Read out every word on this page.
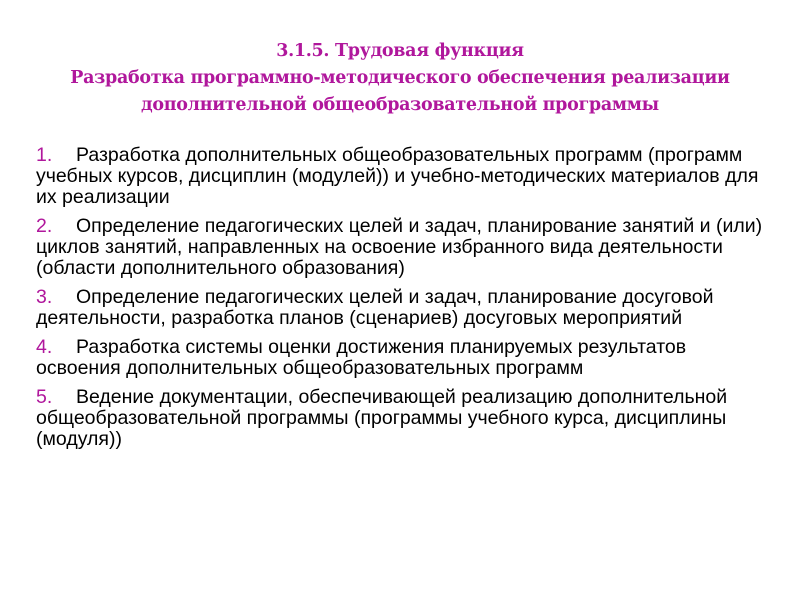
3.1.5. Трудовая функция
Разработка программно-методического обеспечения реализации
дополнительной общеобразовательной программы
1. Разработка дополнительных общеобразовательных программ (программ учебных курсов, дисциплин (модулей)) и учебно-методических материалов для их реализации
2. Определение педагогических целей и задач, планирование занятий и (или) циклов занятий, направленных на освоение избранного вида деятельности (области дополнительного образования)
3. Определение педагогических целей и задач, планирование досуговой деятельности, разработка планов (сценариев) досуговых мероприятий
4. Разработка системы оценки достижения планируемых результатов освоения дополнительных общеобразовательных программ
5. Ведение документации, обеспечивающей реализацию дополнительной общеобразовательной программы (программы учебного курса, дисциплины (модуля))
